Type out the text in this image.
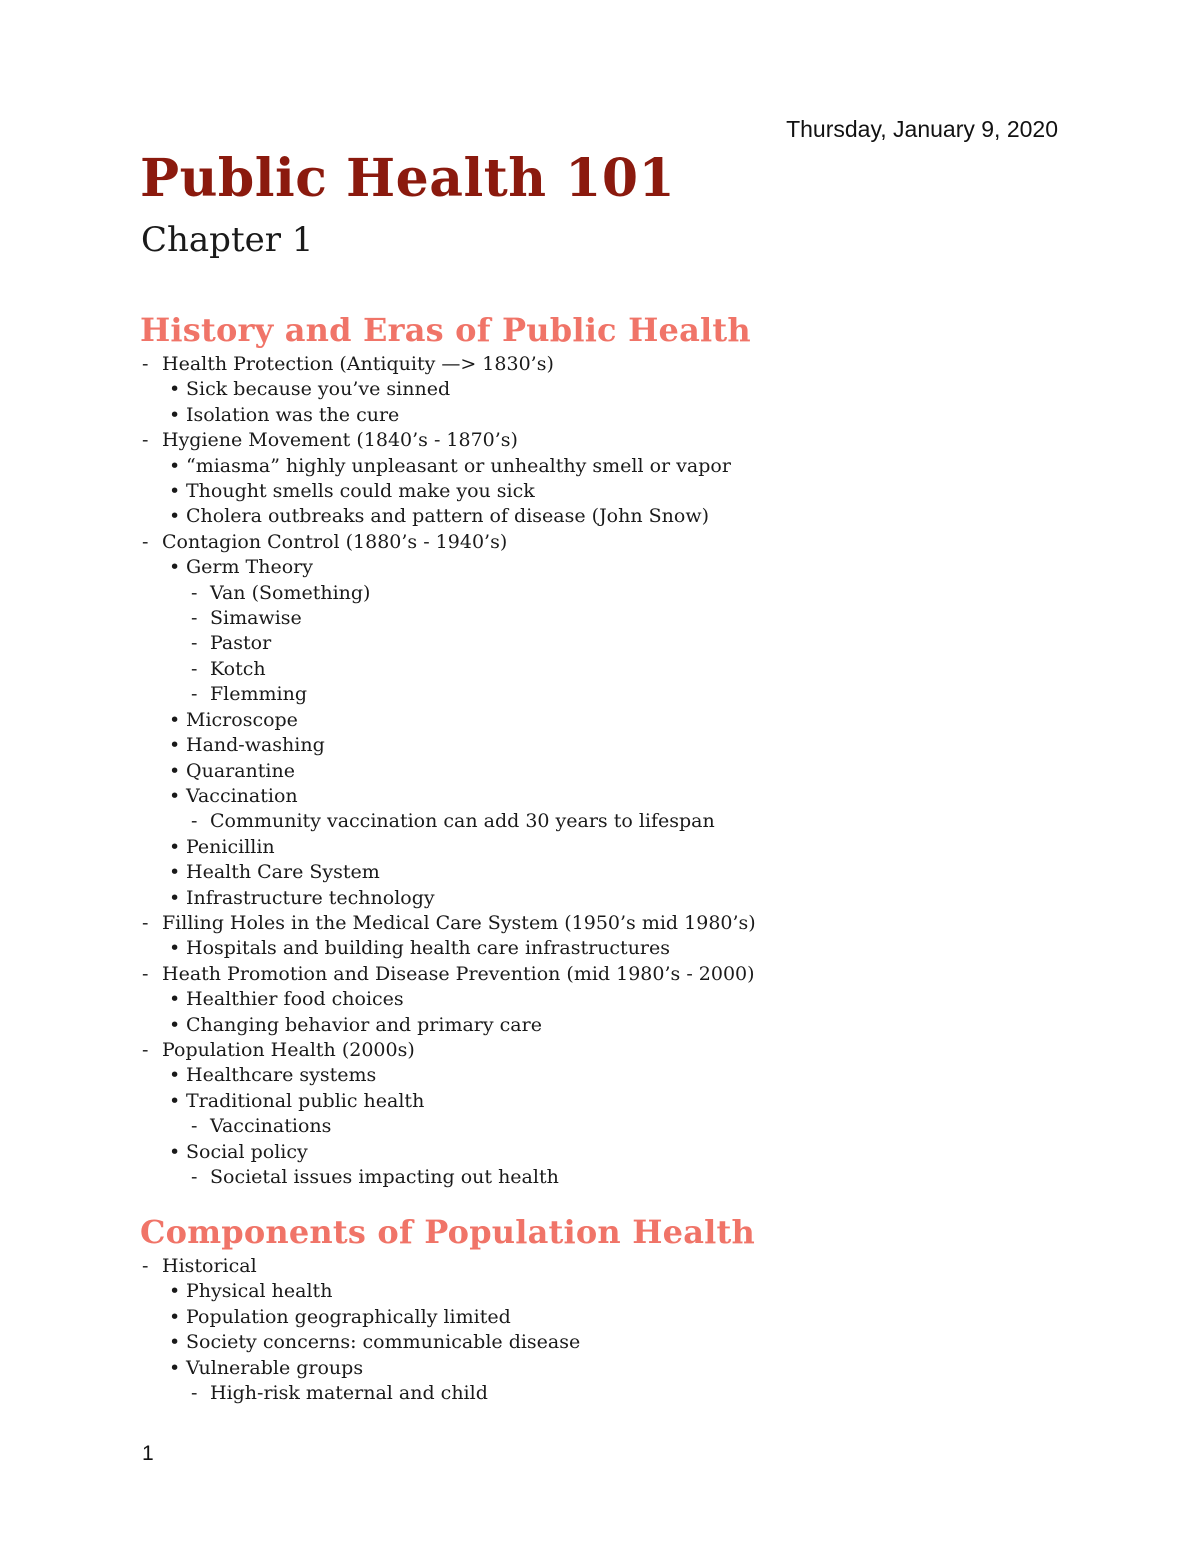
Thursday, January 9, 2020
Public Health 101
Chapter 1
History and Eras of Public Health
- Health Protection (Antiquity —> 1830’s)
• Sick because you’ve sinned
• Isolation was the cure
- Hygiene Movement (1840’s - 1870’s)
• “miasma” highly unpleasant or unhealthy smell or vapor
• Thought smells could make you sick
• Cholera outbreaks and pattern of disease (John Snow)
- Contagion Control (1880’s - 1940’s)
• Germ Theory
- Van (Something)
- Simawise
- Pastor
- Kotch
- Flemming
• Microscope
• Hand-washing
• Quarantine
• Vaccination
- Community vaccination can add 30 years to lifespan
• Penicillin
• Health Care System
• Infrastructure technology
- Filling Holes in the Medical Care System (1950’s mid 1980’s)
• Hospitals and building health care infrastructures
- Heath Promotion and Disease Prevention (mid 1980’s - 2000)
• Healthier food choices
• Changing behavior and primary care
- Population Health (2000s)
• Healthcare systems
• Traditional public health
- Vaccinations
• Social policy
- Societal issues impacting out health
Components of Population Health
- Historical
• Physical health
• Population geographically limited
• Society concerns: communicable disease
• Vulnerable groups
- High-risk maternal and child
1
